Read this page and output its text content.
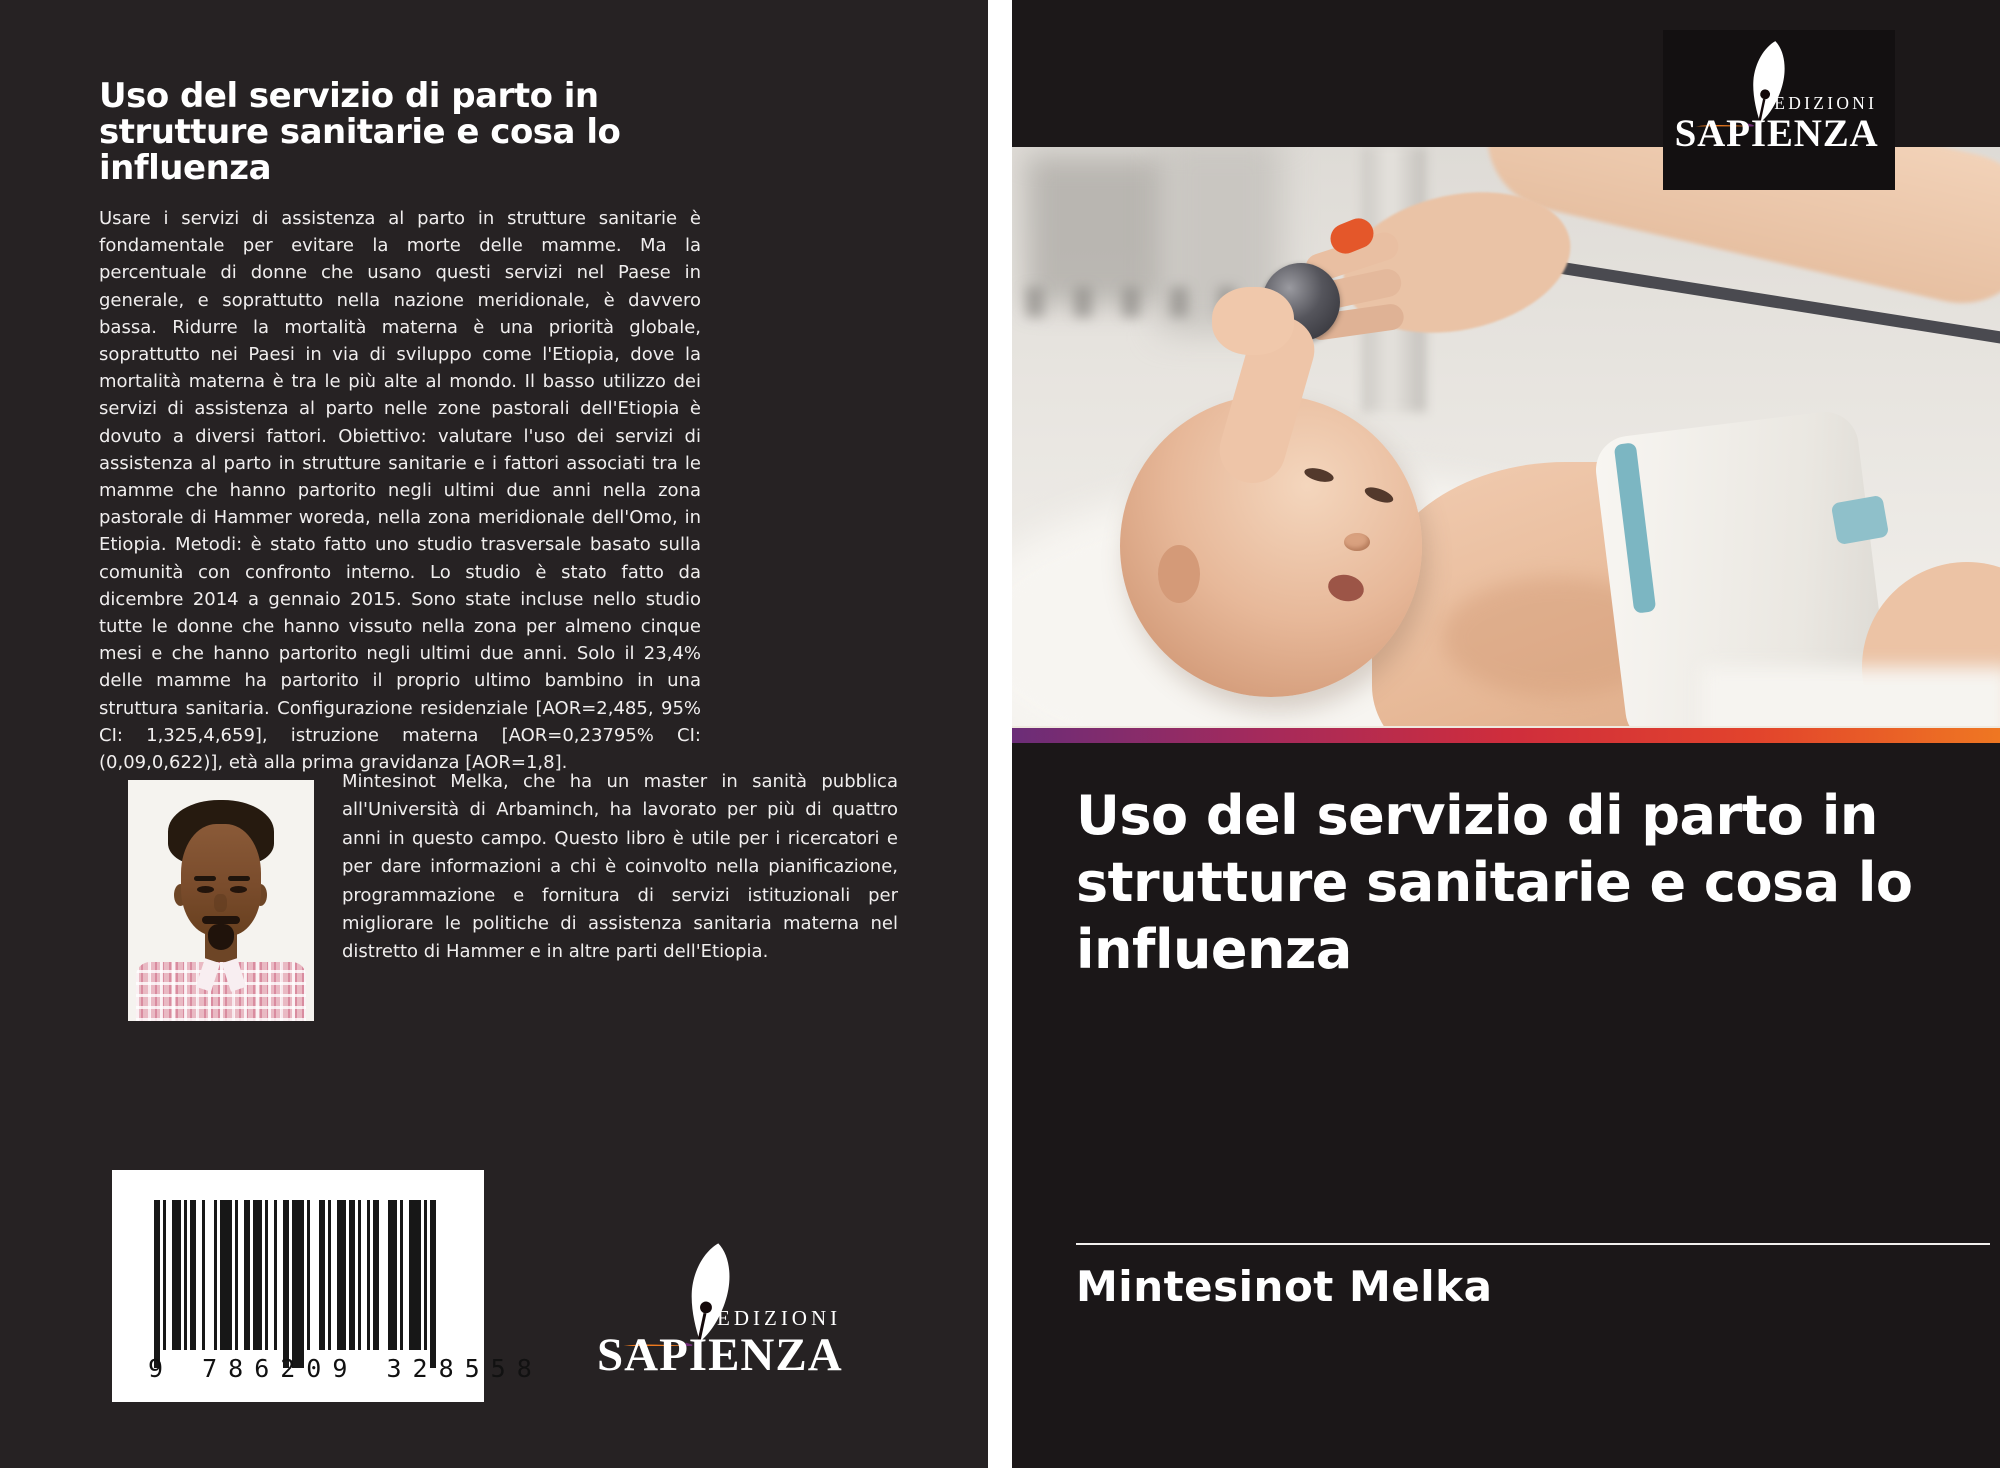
Uso del servizio di parto in strutture sanitarie e cosa lo influenza

Usare i servizi di assistenza al parto in strutture sanitarie è fondamentale per evitare la morte delle mamme. Ma la percentuale di donne che usano questi servizi nel Paese in generale, e soprattutto nella nazione meridionale, è davvero bassa. Ridurre la mortalità materna è una priorità globale, soprattutto nei Paesi in via di sviluppo come l'Etiopia, dove la mortalità materna è tra le più alte al mondo. Il basso utilizzo dei servizi di assistenza al parto nelle zone pastorali dell'Etiopia è dovuto a diversi fattori. Obiettivo: valutare l'uso dei servizi di assistenza al parto in strutture sanitarie e i fattori associati tra le mamme che hanno partorito negli ultimi due anni nella zona pastorale di Hammer woreda, nella zona meridionale dell'Omo, in Etiopia. Metodi: è stato fatto uno studio trasversale basato sulla comunità con confronto interno. Lo studio è stato fatto da dicembre 2014 a gennaio 2015. Sono state incluse nello studio tutte le donne che hanno vissuto nella zona per almeno cinque mesi e che hanno partorito negli ultimi due anni. Solo il 23,4% delle mamme ha partorito il proprio ultimo bambino in una struttura sanitaria. Configurazione residenziale [AOR=2,485, 95% CI: 1,325,4,659], istruzione materna [AOR=0,23795% CI: (0,09,0,622)], età alla prima gravidanza [AOR=1,8].

Mintesinot Melka, che ha un master in sanità pubblica all'Università di Arbaminch, ha lavorato per più di quattro anni in questo campo. Questo libro è utile per i ricercatori e per dare informazioni a chi è coinvolto nella pianificazione, programmazione e fornitura di servizi istituzionali per migliorare le politiche di assistenza sanitaria materna nel distretto di Hammer e in altre parti dell'Etiopia.

9 786209 328558
EDIZIONI
SAPIENZA
EDIZIONI
SAPIENZA
Uso del servizio di parto in strutture sanitarie e cosa lo influenza
Mintesinot Melka
